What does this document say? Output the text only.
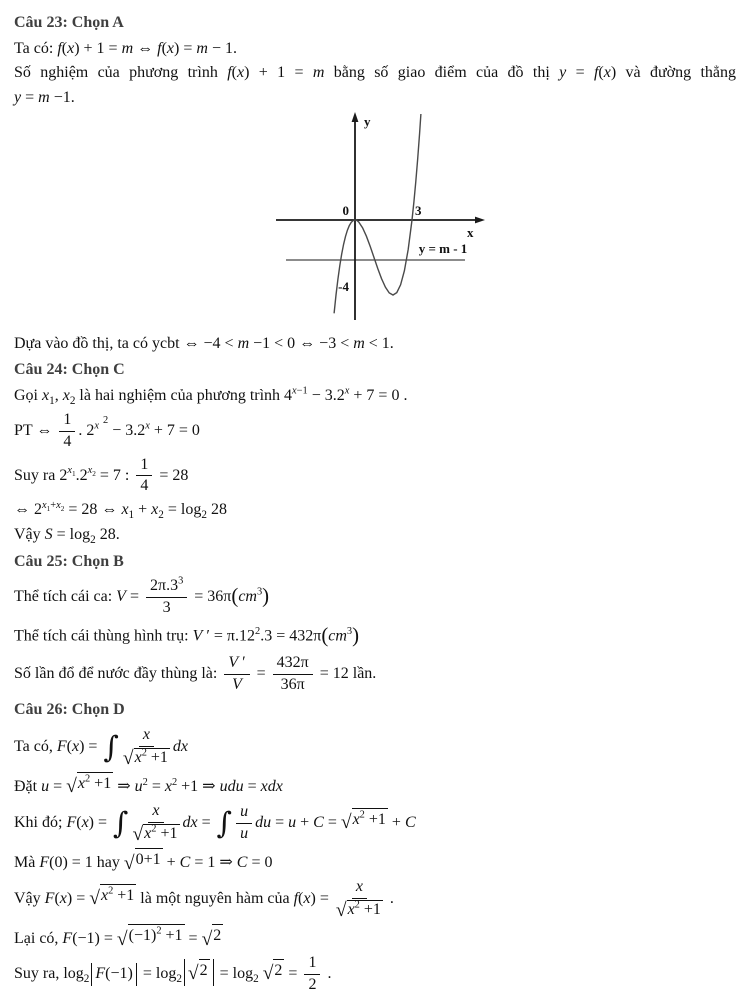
Câu 23: Chọn A

Ta có: f(x) + 1 = m ⇔ f(x) = m − 1.

Số nghiệm của phương trình f(x) + 1 = m bằng số giao điểm của đồ thị y = f(x) và đường thẳng

y = m −1.

y
x
0	3
-4
y = m - 1

Dựa vào đồ thị, ta có ycbt ⇔ −4 < m −1 < 0 ⇔ −3 < m < 1.

Câu 24: Chọn C

Gọi $x_1$, $x_2$ là hai nghiệm của phương trình $4^{x-1} - 3.2^x + 7 = 0$ .

PT ⇔ $\frac{1}{4}$ . 2$^x$ $^2 - 3.2^x + 7 = 0$

Suy ra $2^{x_1}.2^{x_2} = 7$ : $\frac{1}{4} = 28$

⇔ $2^{x_1+x_2} = 28$ ⇔ $x_1 + x_2 = \log_2 28$

Vậy $S = \log_2 28$.

Câu 25: Chọn B

Thể tích cái ca: $V = \frac{2\pi.3^3}{3} = 36\pi(cm^3)$

Thể tích cái thùng hình trụ: V ′ = $\pi.12^2.3 = 432\pi(cm^3)$

Số lần đổ để nước đầy thùng là: $\frac{V '}{V} = \frac{432\pi}{36\pi} = 12$ lần.

Câu 26: Chọn D

Ta có, F(x) = ∫ $\frac{x}{√ x^2 +1}$ dx

Đặt u = √ $x^2 +1$ ⇒ $u^2 = x^2 +1$ ⇒ udu = xdx

Khi đó; F(x) = ∫ $\frac{x}{√ x^2 +1}$ dx = ∫ $\frac{u}{u}$ du = u + C = √ $x^2 +1 + C$

Mà F(0) = 1 hay √ 0+1 + C = 1 ⇒ C = 0

Vậy F(x) = √ $x^2 +1$ là một nguyên hàm của $f(x) = \frac{x}{√ x^2 +1}$ .

Lại có, F(−1) = √ $(-1)^2 +1$ = √ 2

Suy ra, $\log_2 F(-1) = \log_2$ √ $2 = \log_2$ √ $2 = \frac{1}{2}$ .
